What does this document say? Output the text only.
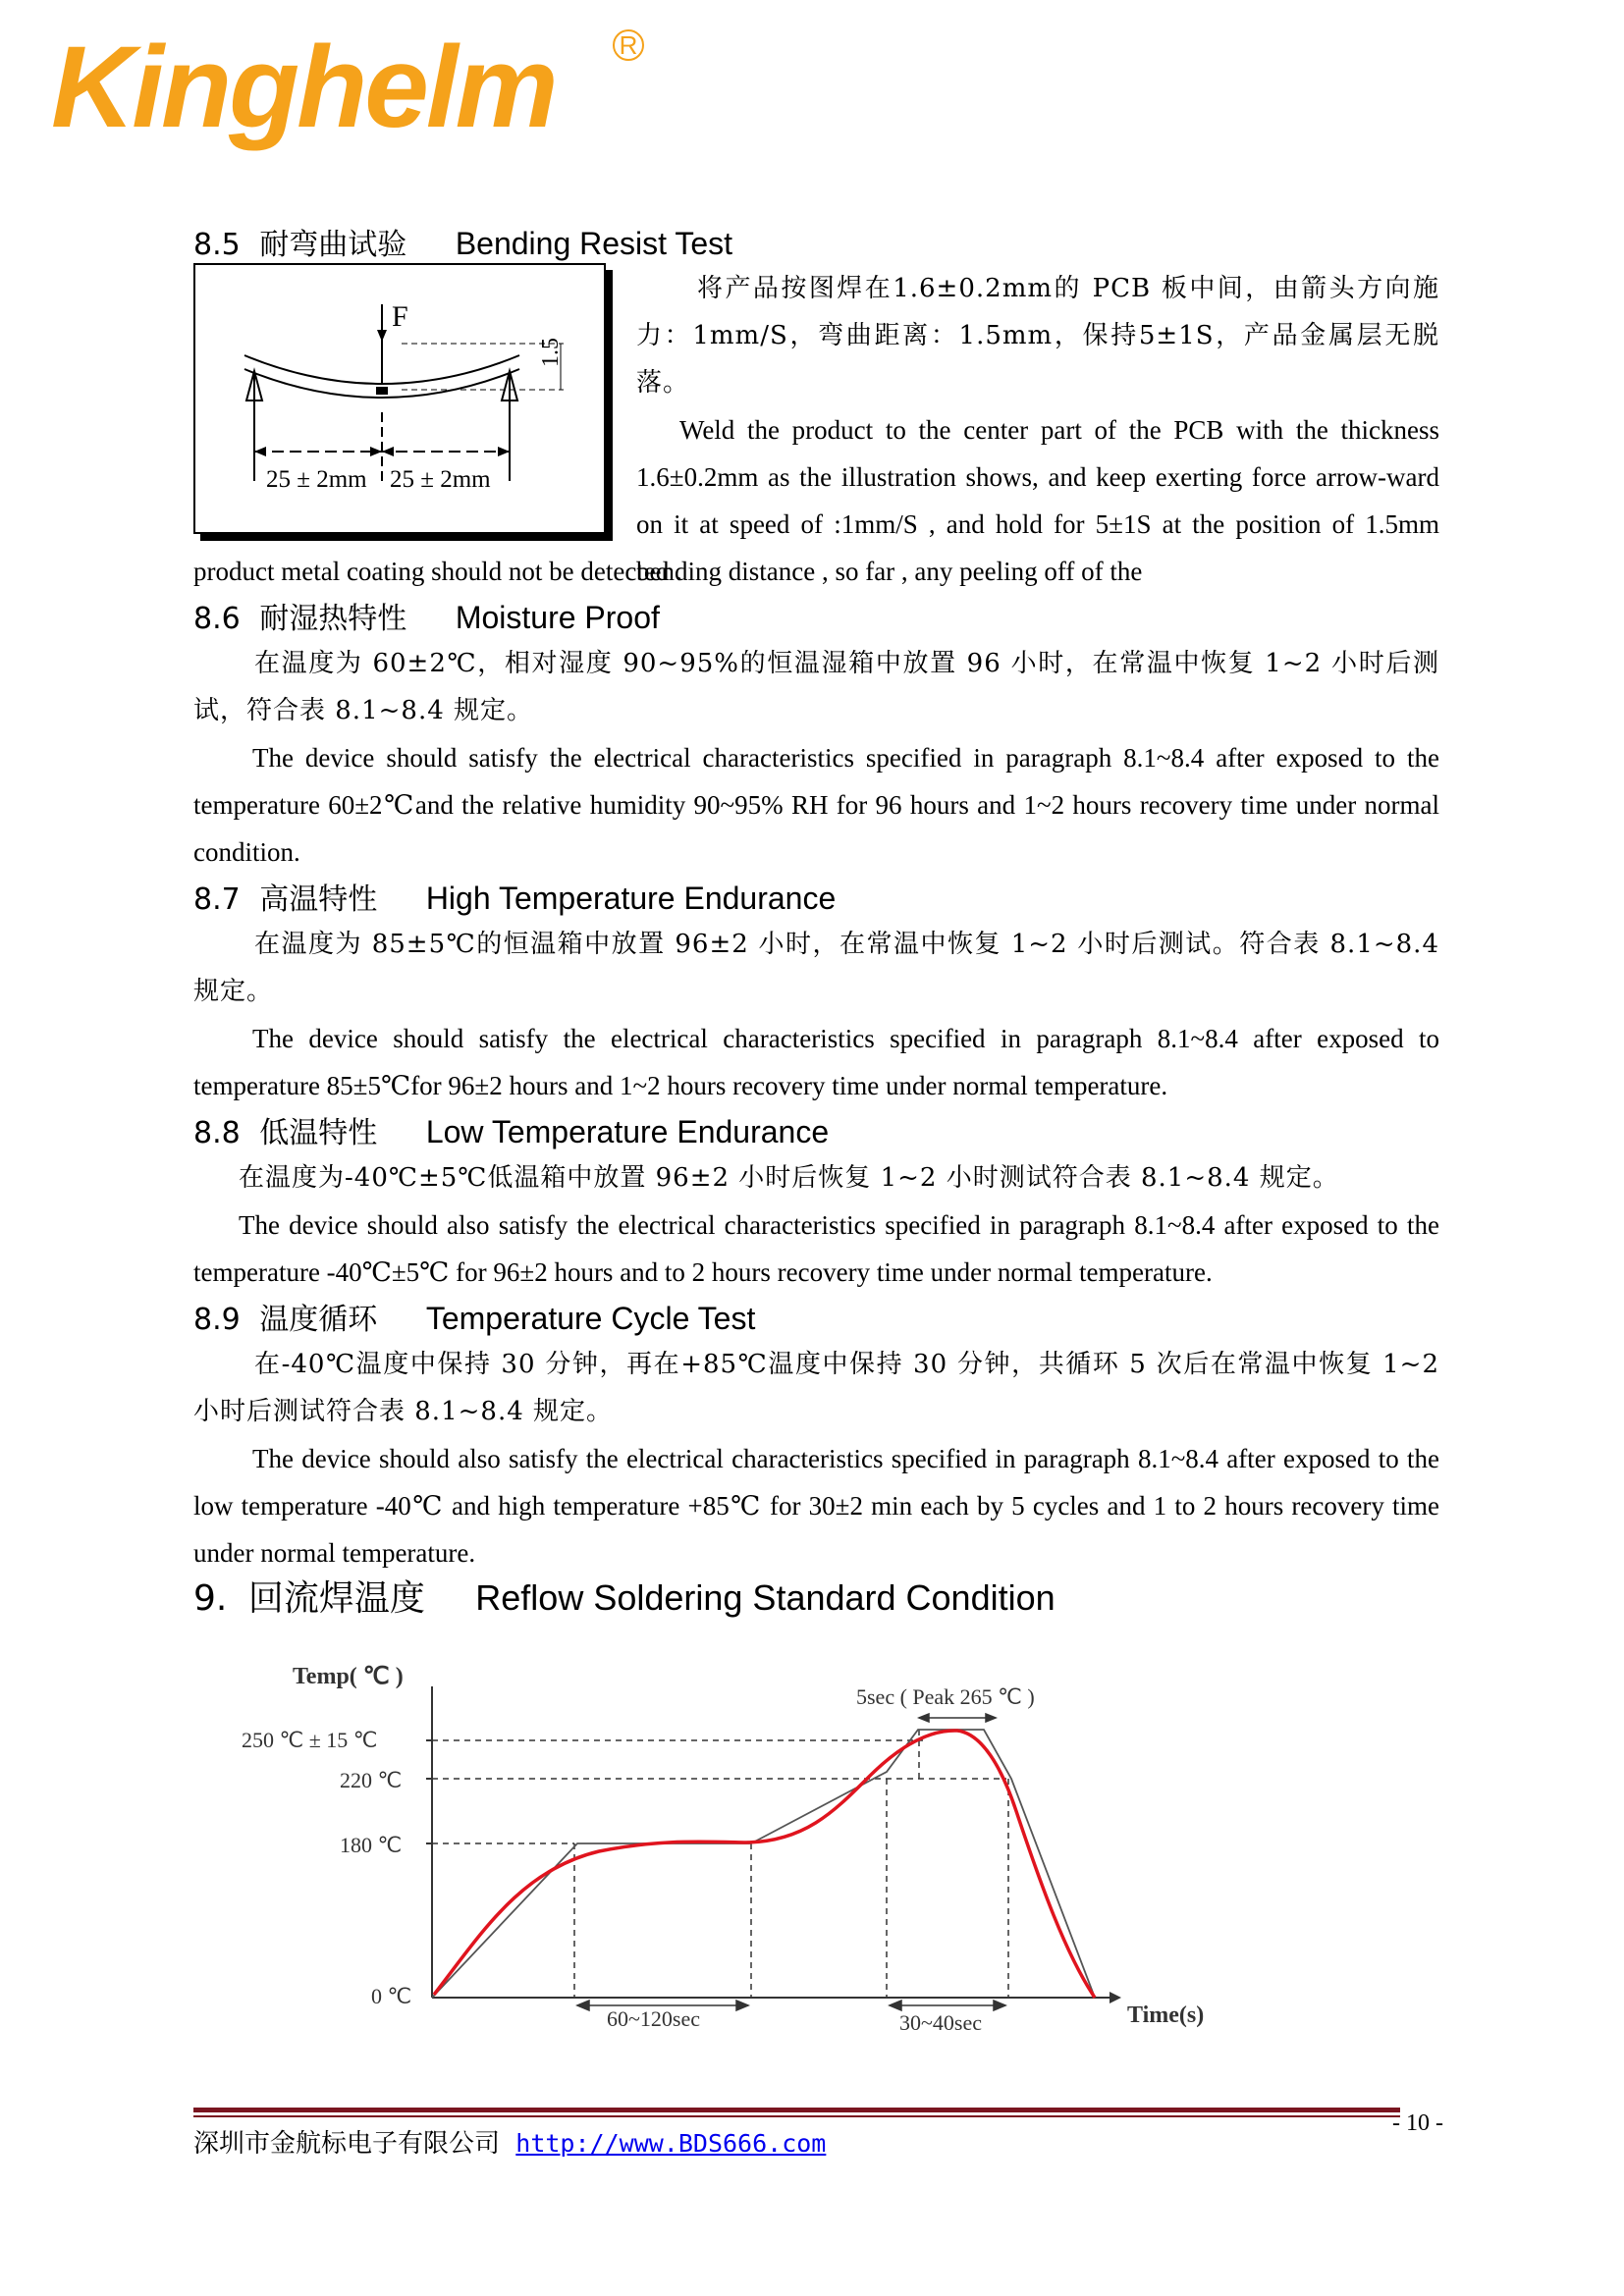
Kinghelm	R
8.5 耐弯曲试验 Bending Resist Test
F
1.5
25 ± 2mm 25 ± 2mm
将产品按图焊在1.6±0.2mm的 PCB 板中间，由箭头方向施力：1mm/S，弯曲距离：1.5mm，保持5±1S，产品金属层无脱落。
Weld the product to the center part of the PCB with the thickness 1.6±0.2mm as the illustration shows, and keep exerting force arrow-ward on it at speed of :1mm/S , and hold for 5±1S at the position of 1.5mm bending distance , so far , any peeling off of the
product metal coating should not be detected .
8.6 耐湿热特性 Moisture Proof
在温度为 60±2℃，相对湿度 90~95%的恒温湿箱中放置 96 小时，在常温中恢复 1~2 小时后测试，符合表 8.1~8.4 规定。
The device should satisfy the electrical characteristics specified in paragraph 8.1~8.4 after exposed to the temperature 60±2℃and the relative humidity 90~95% RH for 96 hours and 1~2 hours recovery time under normal condition.
8.7 高温特性 High Temperature Endurance
在温度为 85±5℃的恒温箱中放置 96±2 小时，在常温中恢复 1~2 小时后测试。符合表 8.1~8.4 规定。
The device should satisfy the electrical characteristics specified in paragraph 8.1~8.4 after exposed to temperature 85±5℃for 96±2 hours and 1~2 hours recovery time under normal temperature.
8.8 低温特性 Low Temperature Endurance
在温度为-40℃±5℃低温箱中放置 96±2 小时后恢复 1~2 小时测试符合表 8.1~8.4 规定。
The device should also satisfy the electrical characteristics specified in paragraph 8.1~8.4 after exposed to the temperature -40℃±5℃ for 96±2 hours and to 2 hours recovery time under normal temperature.
8.9 温度循环 Temperature Cycle Test
在-40℃温度中保持 30 分钟，再在+85℃温度中保持 30 分钟，共循环 5 次后在常温中恢复 1~2 小时后测试符合表 8.1~8.4 规定。
The device should also satisfy the electrical characteristics specified in paragraph 8.1~8.4 after exposed to the low temperature -40℃ and high temperature +85℃ for 30±2 min each by 5 cycles and 1 to 2 hours recovery time under normal temperature.
9. 回流焊温度 Reflow Soldering Standard Condition
Temp( ℃ )
250 ℃ ± 15 ℃
220 ℃
180 ℃
0 ℃
Time(s)
5sec ( Peak 265 ℃ )
60~120sec	30~40sec
- 10 -
深圳市金航标电子有限公司 http://www.BDS666.com
